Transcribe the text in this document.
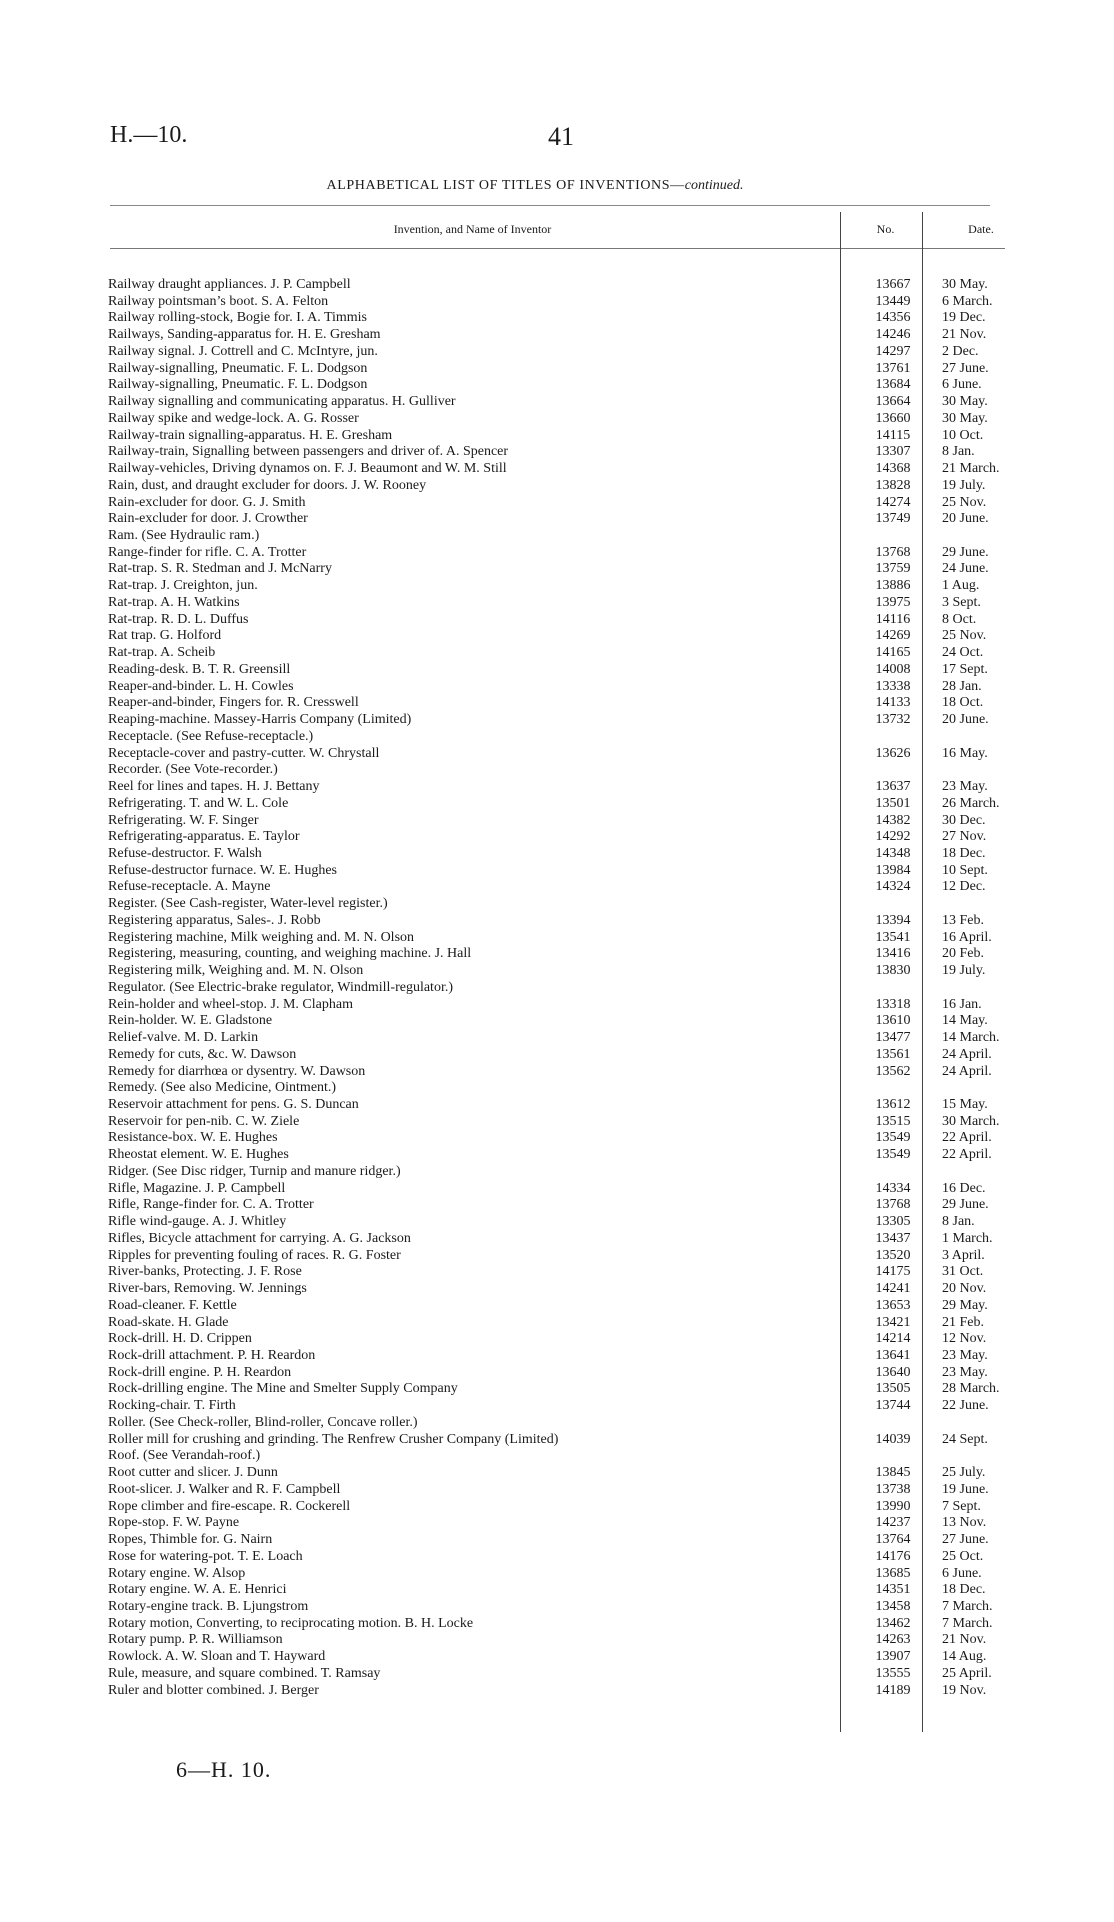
H.—10.	41
ALPHABETICAL LIST OF TITLES OF INVENTIONS—continued.
Invention, and Name of Inventor	No.	Date.
Railway draught appliances. J. P. Campbell	13667	30 May.
Railway pointsman’s boot. S. A. Felton	13449	6 March.
Railway rolling-stock, Bogie for. I. A. Timmis	14356	19 Dec.
Railways, Sanding-apparatus for. H. E. Gresham	14246	21 Nov.
Railway signal. J. Cottrell and C. McIntyre, jun.	14297	2 Dec.
Railway-signalling, Pneumatic. F. L. Dodgson	13761	27 June.
Railway-signalling, Pneumatic. F. L. Dodgson	13684	6 June.
Railway signalling and communicating apparatus. H. Gulliver	13664	30 May.
Railway spike and wedge-lock. A. G. Rosser	13660	30 May.
Railway-train signalling-apparatus. H. E. Gresham	14115	10 Oct.
Railway-train, Signalling between passengers and driver of. A. Spencer	13307	8 Jan.
Railway-vehicles, Driving dynamos on. F. J. Beaumont and W. M. Still	14368	21 March.
Rain, dust, and draught excluder for doors. J. W. Rooney	13828	19 July.
Rain-excluder for door. G. J. Smith	14274	25 Nov.
Rain-excluder for door. J. Crowther	13749	20 June.
Ram. (See Hydraulic ram.)
Range-finder for rifle. C. A. Trotter	13768	29 June.
Rat-trap. S. R. Stedman and J. McNarry	13759	24 June.
Rat-trap. J. Creighton, jun.	13886	1 Aug.
Rat-trap. A. H. Watkins	13975	3 Sept.
Rat-trap. R. D. L. Duffus	14116	8 Oct.
Rat trap. G. Holford	14269	25 Nov.
Rat-trap. A. Scheib	14165	24 Oct.
Reading-desk. B. T. R. Greensill	14008	17 Sept.
Reaper-and-binder. L. H. Cowles	13338	28 Jan.
Reaper-and-binder, Fingers for. R. Cresswell	14133	18 Oct.
Reaping-machine. Massey-Harris Company (Limited)	13732	20 June.
Receptacle. (See Refuse-receptacle.)
Receptacle-cover and pastry-cutter. W. Chrystall	13626	16 May.
Recorder. (See Vote-recorder.)
Reel for lines and tapes. H. J. Bettany	13637	23 May.
Refrigerating. T. and W. L. Cole	13501	26 March.
Refrigerating. W. F. Singer	14382	30 Dec.
Refrigerating-apparatus. E. Taylor	14292	27 Nov.
Refuse-destructor. F. Walsh	14348	18 Dec.
Refuse-destructor furnace. W. E. Hughes	13984	10 Sept.
Refuse-receptacle. A. Mayne	14324	12 Dec.
Register. (See Cash-register, Water-level register.)
Registering apparatus, Sales-. J. Robb	13394	13 Feb.
Registering machine, Milk weighing and. M. N. Olson	13541	16 April.
Registering, measuring, counting, and weighing machine. J. Hall	13416	20 Feb.
Registering milk, Weighing and. M. N. Olson	13830	19 July.
Regulator. (See Electric-brake regulator, Windmill-regulator.)
Rein-holder and wheel-stop. J. M. Clapham	13318	16 Jan.
Rein-holder. W. E. Gladstone	13610	14 May.
Relief-valve. M. D. Larkin	13477	14 March.
Remedy for cuts, &c. W. Dawson	13561	24 April.
Remedy for diarrhœa or dysentry. W. Dawson	13562	24 April.
Remedy. (See also Medicine, Ointment.)
Reservoir attachment for pens. G. S. Duncan	13612	15 May.
Reservoir for pen-nib. C. W. Ziele	13515	30 March.
Resistance-box. W. E. Hughes	13549	22 April.
Rheostat element. W. E. Hughes	13549	22 April.
Ridger. (See Disc ridger, Turnip and manure ridger.)
Rifle, Magazine. J. P. Campbell	14334	16 Dec.
Rifle, Range-finder for. C. A. Trotter	13768	29 June.
Rifle wind-gauge. A. J. Whitley	13305	8 Jan.
Rifles, Bicycle attachment for carrying. A. G. Jackson	13437	1 March.
Ripples for preventing fouling of races. R. G. Foster	13520	3 April.
River-banks, Protecting. J. F. Rose	14175	31 Oct.
River-bars, Removing. W. Jennings	14241	20 Nov.
Road-cleaner. F. Kettle	13653	29 May.
Road-skate. H. Glade	13421	21 Feb.
Rock-drill. H. D. Crippen	14214	12 Nov.
Rock-drill attachment. P. H. Reardon	13641	23 May.
Rock-drill engine. P. H. Reardon	13640	23 May.
Rock-drilling engine. The Mine and Smelter Supply Company	13505	28 March.
Rocking-chair. T. Firth	13744	22 June.
Roller. (See Check-roller, Blind-roller, Concave roller.)
Roller mill for crushing and grinding. The Renfrew Crusher Company (Limited)	14039	24 Sept.
Roof. (See Verandah-roof.)
Root cutter and slicer. J. Dunn	13845	25 July.
Root-slicer. J. Walker and R. F. Campbell	13738	19 June.
Rope climber and fire-escape. R. Cockerell	13990	7 Sept.
Rope-stop. F. W. Payne	14237	13 Nov.
Ropes, Thimble for. G. Nairn	13764	27 June.
Rose for watering-pot. T. E. Loach	14176	25 Oct.
Rotary engine. W. Alsop	13685	6 June.
Rotary engine. W. A. E. Henrici	14351	18 Dec.
Rotary-engine track. B. Ljungstrom	13458	7 March.
Rotary motion, Converting, to reciprocating motion. B. H. Locke	13462	7 March.
Rotary pump. P. R. Williamson	14263	21 Nov.
Rowlock. A. W. Sloan and T. Hayward	13907	14 Aug.
Rule, measure, and square combined. T. Ramsay	13555	25 April.
Ruler and blotter combined. J. Berger	14189	19 Nov.
6—H. 10.
